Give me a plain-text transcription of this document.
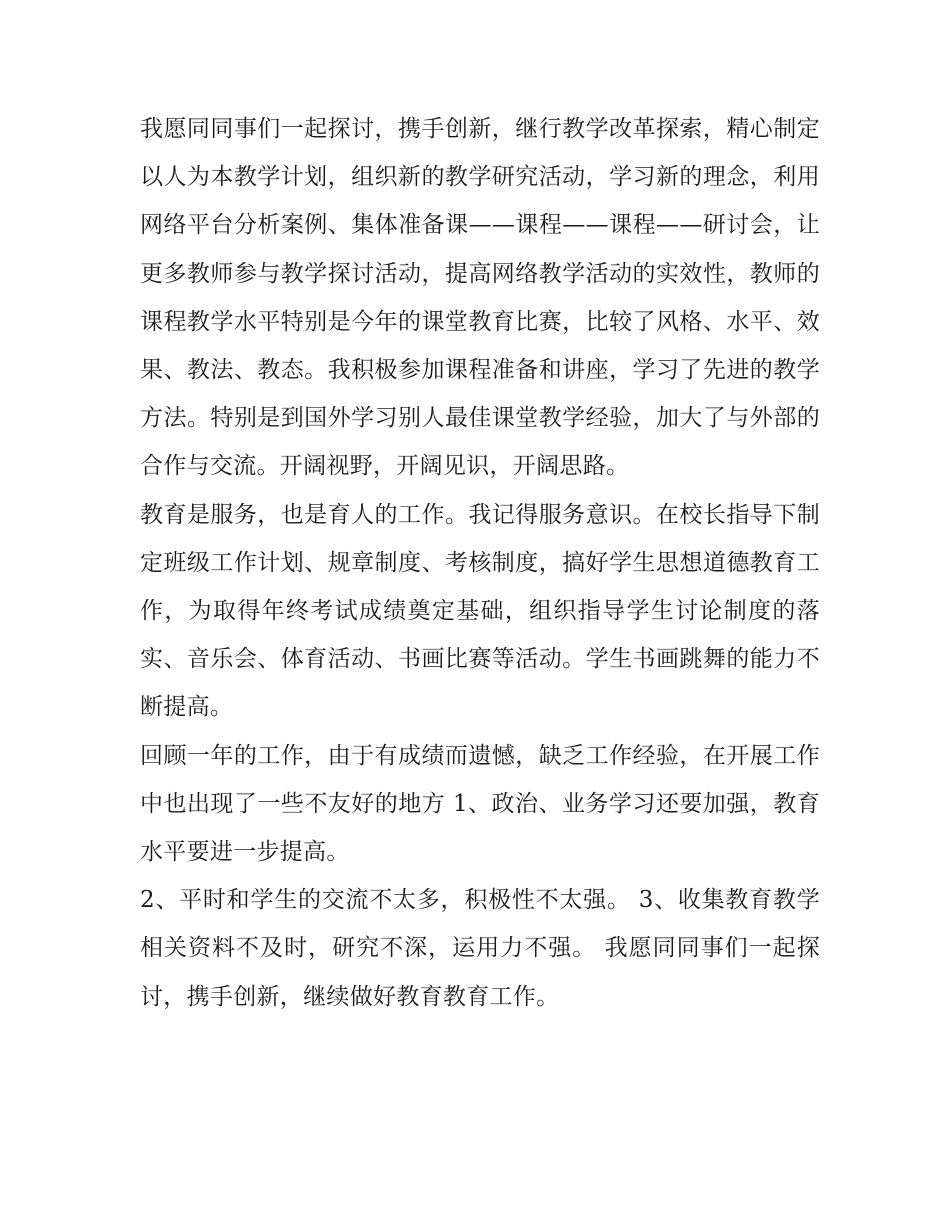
我愿同同事们一起探讨，携手创新，继行教学改革探索，精心制定以人为本教学计划，组织新的教学研究活动，学习新的理念，利用网络平台分析案例、集体准备课——课程——课程——研讨会，让更多教师参与教学探讨活动，提高网络教学活动的实效性，教师的课程教学水平特别是今年的课堂教育比赛，比较了风格、水平、效果、教法、教态。我积极参加课程准备和讲座，学习了先进的教学方法。特别是到国外学习别人最佳课堂教学经验，加大了与外部的合作与交流。开阔视野，开阔见识，开阔思路。

教育是服务，也是育人的工作。我记得服务意识。在校长指导下制定班级工作计划、规章制度、考核制度，搞好学生思想道德教育工作，为取得年终考试成绩奠定基础，组织指导学生讨论制度的落实、音乐会、体育活动、书画比赛等活动。学生书画跳舞的能力不断提高。

回顾一年的工作，由于有成绩而遗憾，缺乏工作经验，在开展工作中也出现了一些不友好的地方 1、政治、业务学习还要加强，教育水平要进一步提高。

2、平时和学生的交流不太多，积极性不太强。 3、收集教育教学相关资料不及时，研究不深，运用力不强。 我愿同同事们一起探讨，携手创新，继续做好教育教育工作。
